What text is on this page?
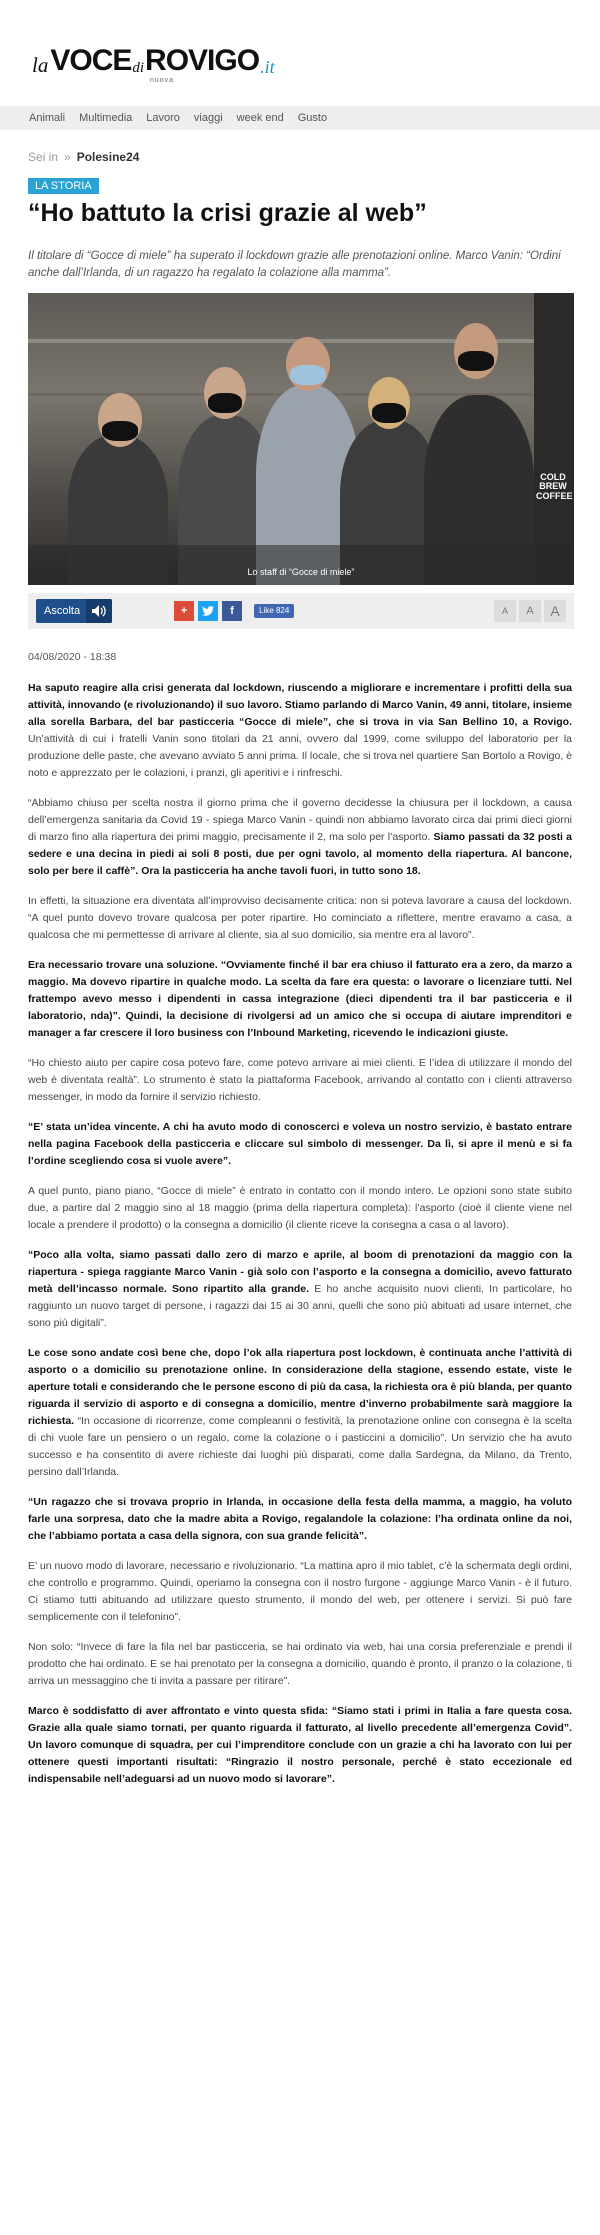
la VOCE di ROVIGO .it
nuova
Animali Multimedia Lavoro viaggi week end Gusto
Sei in » Polesine24
LA STORIA
“Ho battuto la crisi grazie al web”

Il titolare di “Gocce di miele” ha superato il lockdown grazie alle prenotazioni online. Marco Vanin: “Ordini anche dall’Irlanda, di un ragazzo ha regalato la colazione alla mamma”.

COLD BREW COFFEE
Lo staff di “Gocce di miele”
Ascolta	+	f	Like 824	A	A	A
04/08/2020 - 18:38

Ha saputo reagire alla crisi generata dal lockdown, riuscendo a migliorare e incrementare i profitti della sua attività, innovando (e rivoluzionando) il suo lavoro. Stiamo parlando di Marco Vanin, 49 anni, titolare, insieme alla sorella Barbara, del bar pasticceria “Gocce di miele”, che si trova in via San Bellino 10, a Rovigo. Un’attività di cui i fratelli Vanin sono titolari da 21 anni, ovvero dal 1999, come sviluppo del laboratorio per la produzione delle paste, che avevano avviato 5 anni prima. Il locale, che si trova nel quartiere San Bortolo a Rovigo, è noto e apprezzato per le colazioni, i pranzi, gli aperitivi e i rinfreschi.

“Abbiamo chiuso per scelta nostra il giorno prima che il governo decidesse la chiusura per il lockdown, a causa dell’emergenza sanitaria da Covid 19 - spiega Marco Vanin - quindi non abbiamo lavorato circa dai primi dieci giorni di marzo fino alla riapertura dei primi maggio, precisamente il 2, ma solo per l’asporto. Siamo passati da 32 posti a sedere e una decina in piedi ai soli 8 posti, due per ogni tavolo, al momento della riapertura. Al bancone, solo per bere il caffè”. Ora la pasticceria ha anche tavoli fuori, in tutto sono 18.

In effetti, la situazione era diventata all’improvviso decisamente critica: non si poteva lavorare a causa del lockdown. “A quel punto dovevo trovare qualcosa per poter ripartire. Ho cominciato a riflettere, mentre eravamo a casa, a qualcosa che mi permettesse di arrivare al cliente, sia al suo domicilio, sia mentre era al lavoro”.

Era necessario trovare una soluzione. “Ovviamente finché il bar era chiuso il fatturato era a zero, da marzo a maggio. Ma dovevo ripartire in qualche modo. La scelta da fare era questa: o lavorare o licenziare tutti. Nel frattempo avevo messo i dipendenti in cassa integrazione (dieci dipendenti tra il bar pasticceria e il laboratorio, nda)”. Quindi, la decisione di rivolgersi ad un amico che si occupa di aiutare imprenditori e manager a far crescere il loro business con l’Inbound Marketing, ricevendo le indicazioni giuste.

“Ho chiesto aiuto per capire cosa potevo fare, come potevo arrivare ai miei clienti. E l’idea di utilizzare il mondo del web è diventata realtà”. Lo strumento è stato la piattaforma Facebook, arrivando al contatto con i clienti attraverso messenger, in modo da fornire il servizio richiesto.

“E’ stata un’idea vincente. A chi ha avuto modo di conoscerci e voleva un nostro servizio, è bastato entrare nella pagina Facebook della pasticceria e cliccare sul simbolo di messenger. Da lì, si apre il menù e si fa l’ordine scegliendo cosa si vuole avere”.

A quel punto, piano piano, “Gocce di miele” è entrato in contatto con il mondo intero. Le opzioni sono state subito due, a partire dal 2 maggio sino al 18 maggio (prima della riapertura completa): l’asporto (cioè il cliente viene nel locale a prendere il prodotto) o la consegna a domicilio (il cliente riceve la consegna a casa o al lavoro).

“Poco alla volta, siamo passati dallo zero di marzo e aprile, al boom di prenotazioni da maggio con la riapertura - spiega raggiante Marco Vanin - già solo con l’asporto e la consegna a domicilio, avevo fatturato metà dell’incasso normale. Sono ripartito alla grande. E ho anche acquisito nuovi clienti. In particolare, ho raggiunto un nuovo target di persone, i ragazzi dai 15 ai 30 anni, quelli che sono più abituati ad usare internet, che sono più digitali”.

Le cose sono andate così bene che, dopo l’ok alla riapertura post lockdown, è continuata anche l’attività di asporto o a domicilio su prenotazione online. In considerazione della stagione, essendo estate, viste le aperture totali e considerando che le persone escono di più da casa, la richiesta ora è più blanda, per quanto riguarda il servizio di asporto e di consegna a domicilio, mentre d’inverno probabilmente sarà maggiore la richiesta. “In occasione di ricorrenze, come compleanni o festività, la prenotazione online con consegna è la scelta di chi vuole fare un pensiero o un regalo, come la colazione o i pasticcini a domicilio”. Un servizio che ha avuto successo e ha consentito di avere richieste dai luoghi più disparati, come dalla Sardegna, da Milano, da Trento, persino dall’Irlanda.

“Un ragazzo che si trovava proprio in Irlanda, in occasione della festa della mamma, a maggio, ha voluto farle una sorpresa, dato che la madre abita a Rovigo, regalandole la colazione: l’ha ordinata online da noi, che l’abbiamo portata a casa della signora, con sua grande felicità”.

E’ un nuovo modo di lavorare, necessario e rivoluzionario. “La mattina apro il mio tablet, c’è la schermata degli ordini, che controllo e programmo. Quindi, operiamo la consegna con il nostro furgone - aggiunge Marco Vanin - è il futuro. Ci stiamo tutti abituando ad utilizzare questo strumento, il mondo del web, per ottenere i servizi. Si può fare semplicemente con il telefonino”.

Non solo: “Invece di fare la fila nel bar pasticceria, se hai ordinato via web, hai una corsia preferenziale e prendi il prodotto che hai ordinato. E se hai prenotato per la consegna a domicilio, quando è pronto, il pranzo o la colazione, ti arriva un messaggino che ti invita a passare per ritirare”.

Marco è soddisfatto di aver affrontato e vinto questa sfida: “Siamo stati i primi in Italia a fare questa cosa. Grazie alla quale siamo tornati, per quanto riguarda il fatturato, al livello precedente all’emergenza Covid”. Un lavoro comunque di squadra, per cui l’imprenditore conclude con un grazie a chi ha lavorato con lui per ottenere questi importanti risultati: “Ringrazio il nostro personale, perché è stato eccezionale ed indispensabile nell’adeguarsi ad un nuovo modo si lavorare”.
